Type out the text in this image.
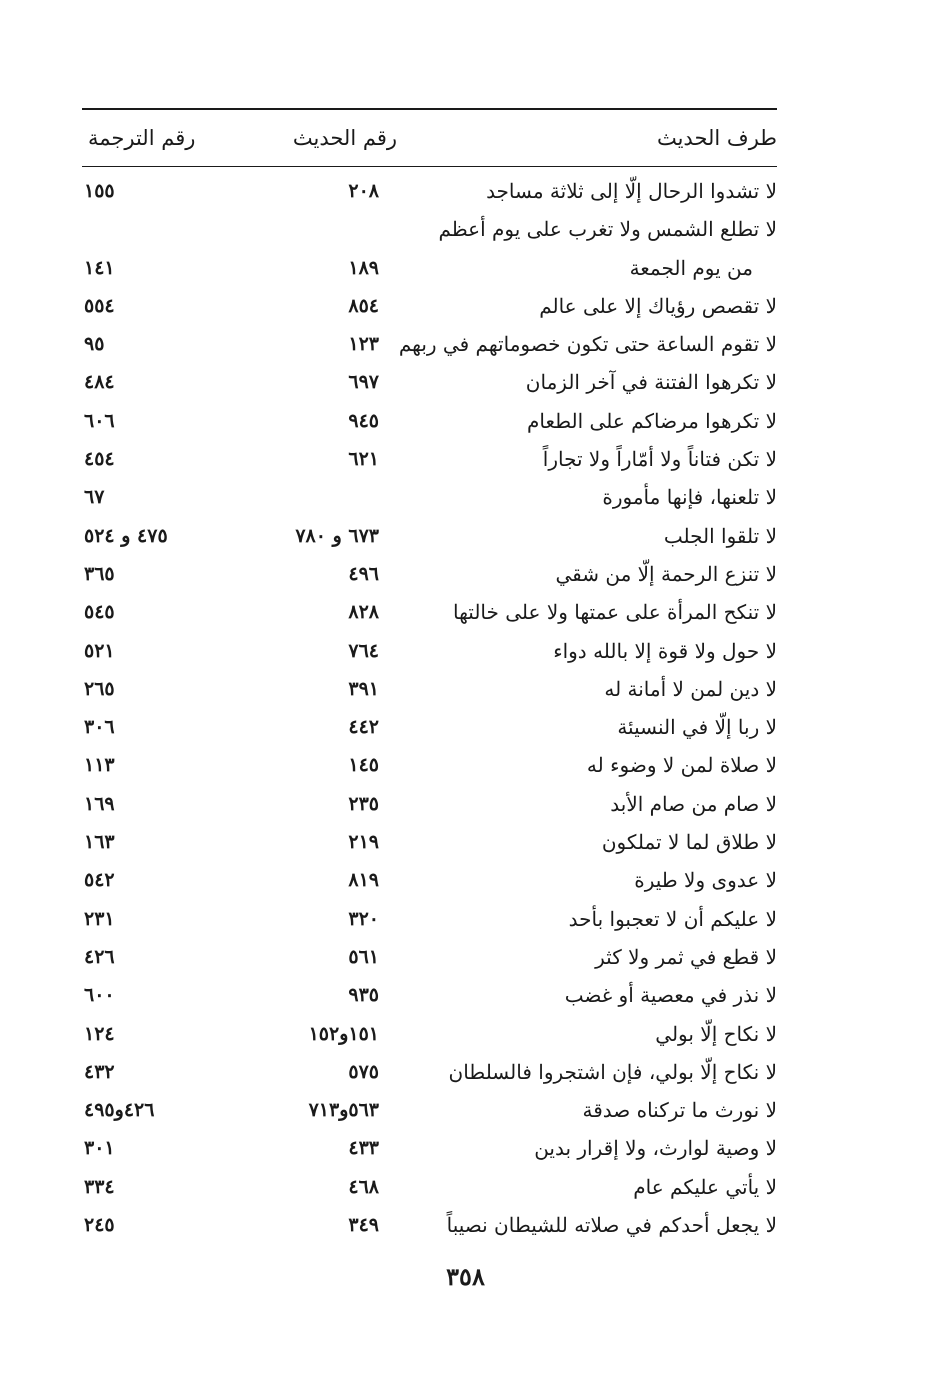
طرف الحديث
رقم الحديث
رقم الترجمة
لا تشدوا الرحال إلّا إلى ثلاثة مساجد
٢٠٨
١٥٥
لا تطلع الشمس ولا تغرب على يوم أعظم
من يوم الجمعة
١٨٩
١٤١
لا تقصص رؤياك إلا على عالم
٨٥٤
٥٥٤
لا تقوم الساعة حتى تكون خصوماتهم في ربهم
١٢٣
٩٥
لا تكرهوا الفتنة في آخر الزمان
٦٩٧
٤٨٤
لا تكرهوا مرضاكم على الطعام
٩٤٥
٦٠٦
لا تكن فتاناً ولا أمّاراً ولا تجاراً
٦٢١
٤٥٤
لا تلعنها، فإنها مأمورة
٦٧
لا تلقوا الجلب
٦٧٣ و ٧٨٠
٤٧٥ و ٥٢٤
لا تنزع الرحمة إلّا من شقي
٤٩٦
٣٦٥
لا تنكح المرأة على عمتها ولا على خالتها
٨٢٨
٥٤٥
لا حول ولا قوة إلا بالله دواء
٧٦٤
٥٢١
لا دين لمن لا أمانة له
٣٩١
٢٦٥
لا ربا إلّا في النسيئة
٤٤٢
٣٠٦
لا صلاة لمن لا وضوء له
١٤٥
١١٣
لا صام من صام الأبد
٢٣٥
١٦٩
لا طلاق لما لا تملكون
٢١٩
١٦٣
لا عدوى ولا طيرة
٨١٩
٥٤٢
لا عليكم أن لا تعجبوا بأحد
٣٢٠
٢٣١
لا قطع في ثمر ولا كثر
٥٦١
٤٢٦
لا نذر في معصية أو غضب
٩٣٥
٦٠٠
لا نكاح إلّا بولي
١٥١و١٥٢
١٢٤
لا نكاح إلّا بولي، فإن اشتجروا فالسلطان
٥٧٥
٤٣٢
لا نورث ما تركناه صدقة
٥٦٣و٧١٣
٤٢٦و٤٩٥
لا وصية لوارث، ولا إقرار بدين
٤٣٣
٣٠١
لا يأتي عليكم عام
٤٦٨
٣٣٤
لا يجعل أحدكم في صلاته للشيطان نصيباً
٣٤٩
٢٤٥
٣٥٨
